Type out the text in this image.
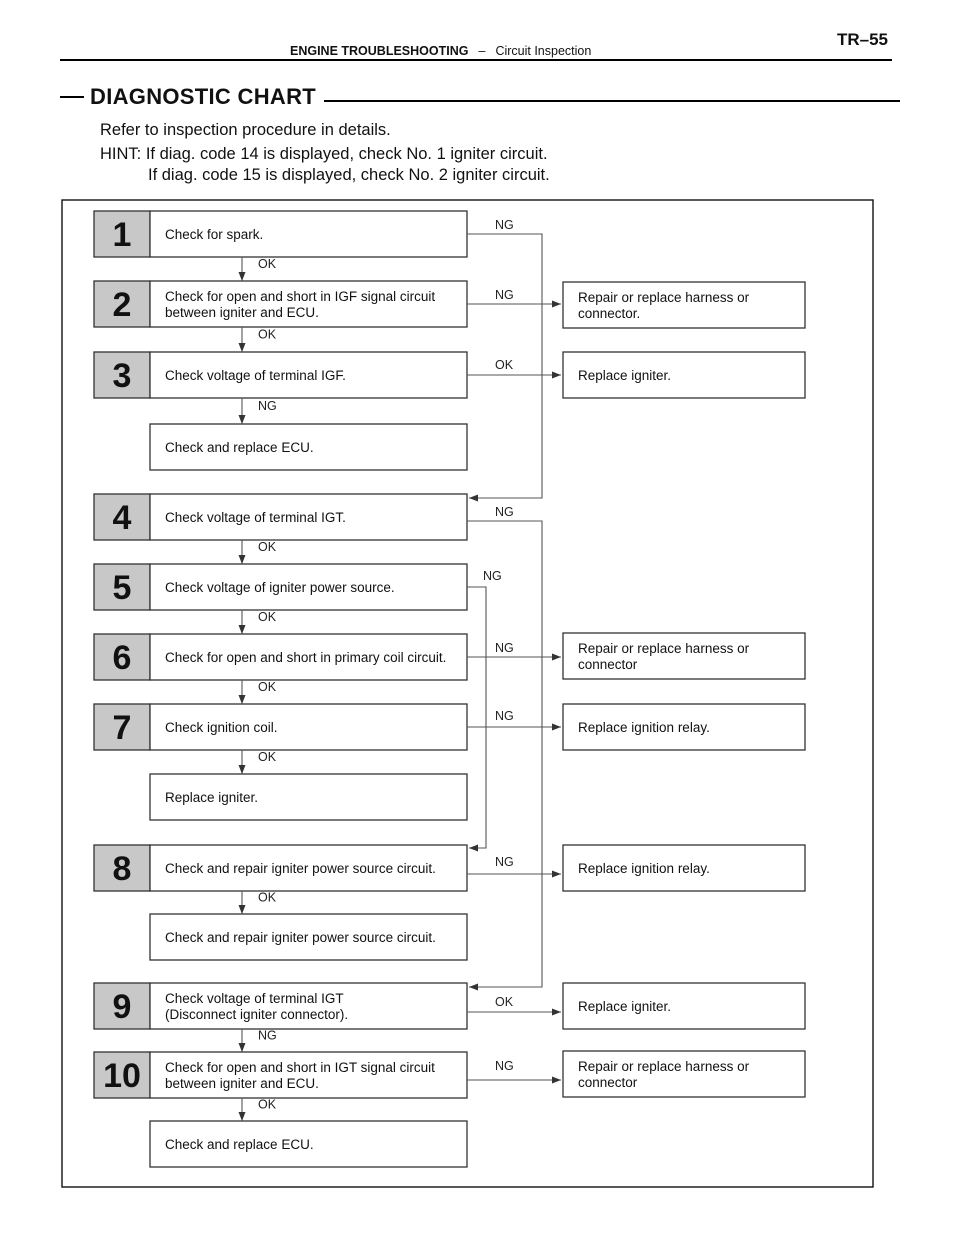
ENGINE TROUBLESHOOTING – Circuit Inspection
TR–55
DIAGNOSTIC CHART
Refer to inspection procedure in details.
HINT: If diag. code 14 is displayed, check No. 1 igniter circuit.
If diag. code 15 is displayed, check No. 2 igniter circuit.
1 Check for spark.
2 Check for open and short in IGF signal circuit
between igniter and ECU.
3 Check voltage of terminal IGF.
4 Check voltage of terminal IGT.
5 Check voltage of igniter power source.
6 Check for open and short in primary coil circuit.
7 Check ignition coil.
8 Check and repair igniter power source circuit.
9 Check voltage of terminal IGT
(Disconnect igniter connector).
10 Check for open and short in IGT signal circuit
between igniter and ECU.
Check and replace ECU.
Replace igniter.
Check and repair igniter power source circuit.
Check and replace ECU.
Repair or replace harness or
connector.
Replace igniter.
Repair or replace harness or
connector
Replace ignition relay.
Replace ignition relay.
Replace igniter.
Repair or replace harness or
connector
OK
OK
NG
OK
OK
OK
OK
OK
NG
OK
NG
NG
OK
NG
NG
NG
NG
NG
OK
NG
